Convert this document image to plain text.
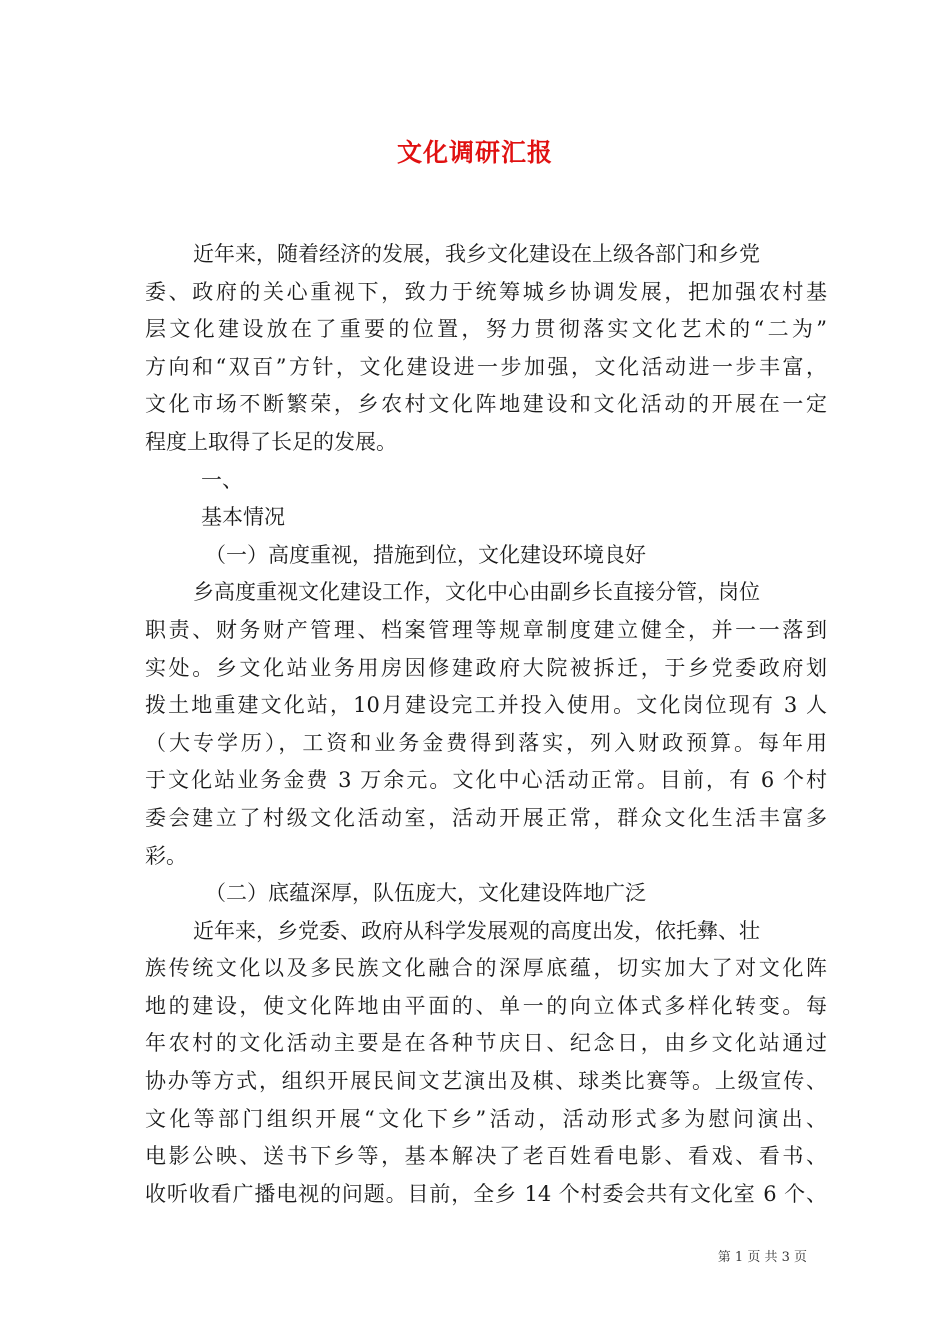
文化调研汇报
近年来，随着经济的发展，我乡文化建设在上级各部门和乡党
委、政府的关心重视下，致力于统筹城乡协调发展，把加强农村基
层文化建设放在了重要的位置，努力贯彻落实文化艺术的“二为”
方向和“双百”方针，文化建设进一步加强，文化活动进一步丰富，
文化市场不断繁荣，乡农村文化阵地建设和文化活动的开展在一定
程度上取得了长足的发展。
一、
基本情况
（一）高度重视，措施到位，文化建设环境良好
乡高度重视文化建设工作，文化中心由副乡长直接分管，岗位
职责、财务财产管理、档案管理等规章制度建立健全，并一一落到
实处。乡文化站业务用房因修建政府大院被拆迁，于乡党委政府划
拨土地重建文化站，10月建设完工并投入使用。文化岗位现有 3 人
（大专学历），工资和业务金费得到落实，列入财政预算。每年用
于文化站业务金费 3 万余元。文化中心活动正常。目前，有 6 个村
委会建立了村级文化活动室，活动开展正常，群众文化生活丰富多
彩。
（二）底蕴深厚，队伍庞大，文化建设阵地广泛
近年来，乡党委、政府从科学发展观的高度出发，依托彝、壮
族传统文化以及多民族文化融合的深厚底蕴，切实加大了对文化阵
地的建设，使文化阵地由平面的、单一的向立体式多样化转变。每
年农村的文化活动主要是在各种节庆日、纪念日，由乡文化站通过
协办等方式，组织开展民间文艺演出及棋、球类比赛等。上级宣传、
文化等部门组织开展“文化下乡”活动，活动形式多为慰问演出、
电影公映、送书下乡等，基本解决了老百姓看电影、看戏、看书、
收听收看广播电视的问题。目前，全乡 14 个村委会共有文化室 6 个、
第 1 页 共 3 页
